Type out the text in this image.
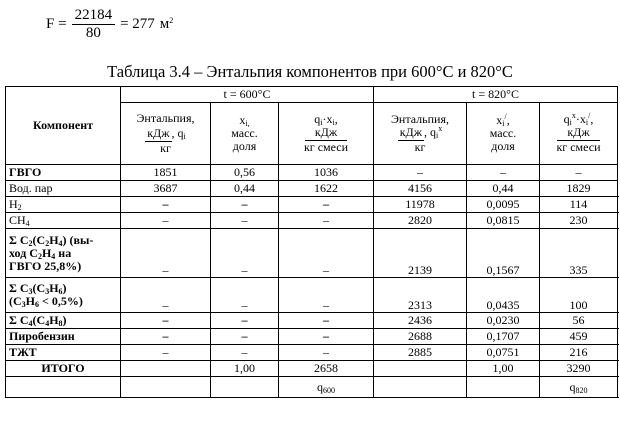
$F = \frac{22184}{80} = 277$ $м^2$
Таблица 3.4 – Энтальпия компонентов при 600°С и 820°С
Компонент	t = 600°С			t = 820°С		
	Энтальпия,
кДж , $q_i$
кг	$x_{i,}$
масс.
доля	$q_i\cdot x_i$,
кДж
кг смеси	Энтальпия,
кДж , $q_i^x$
кг	$x_i^/$,
масс.
доля	$q_i^x\cdot x_i^/$,
кДж
кг смеси
ГВГО	1851	0,56	1036	–	–	–
Вод. пар	3687	0,44	1622	4156	0,44	1829
$Н_2$	–	–	–	11978	0,0095	114
$СН_4$	–	–	–	2820	0,0815	230
Σ $С_2(С_2Н_4)$ (вы-
ход $С_2Н_4$ на
ГВГО 25,8%)	–	–	–	2139	0,1567	335
Σ $С_3(С_3Н_6)$
$(С_3Н_6 < 0,5\%)$	–	–	–	2313	0,0435	100
Σ $С_4(С_4Н_8)$	–	–	–	2436	0,0230	56
Пиробензин	–	–	–	2688	0,1707	459
ТЖТ	–	–	–	2885	0,0751	216
ИТОГО		1,00	2658		1,00	3290
			$q_{600}$			$q_{820}$
